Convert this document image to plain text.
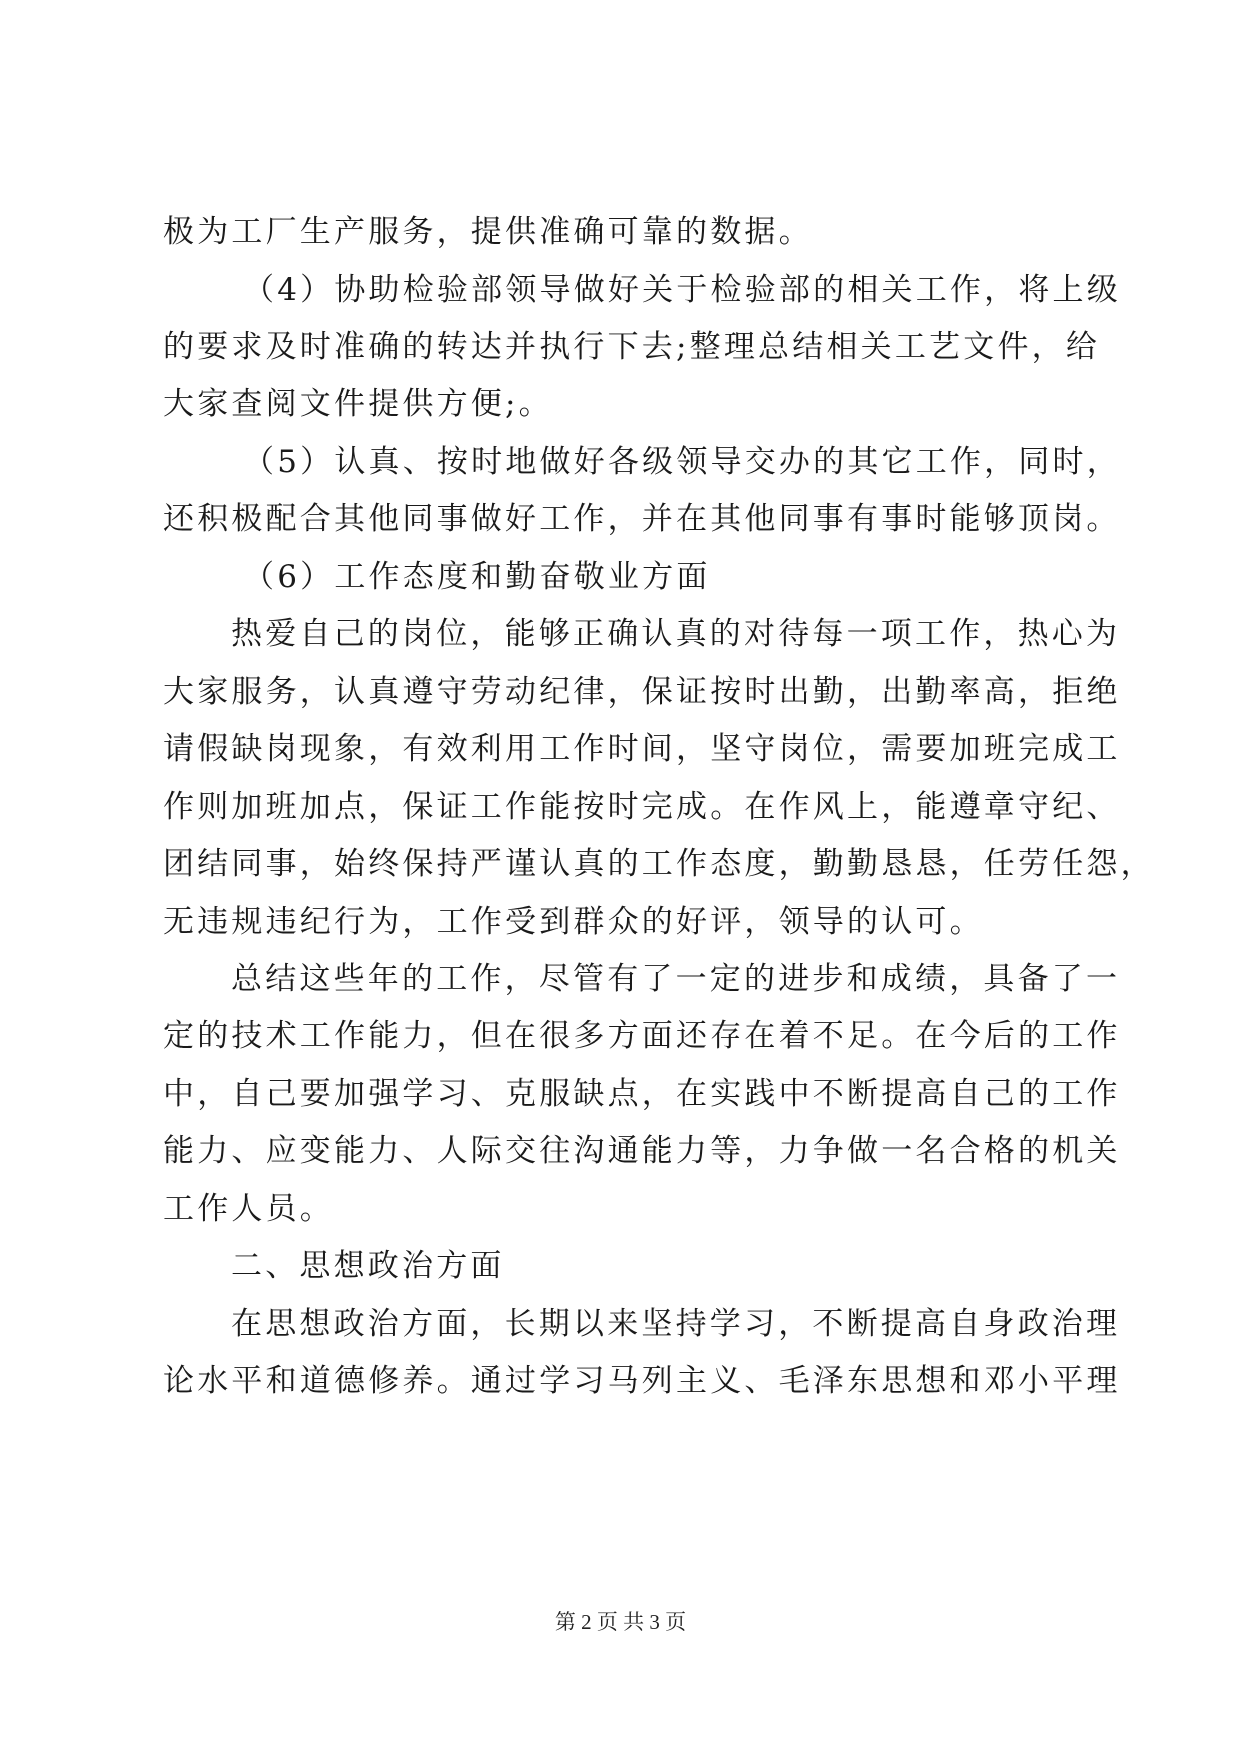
极为工厂生产服务，提供准确可靠的数据。

（4）协助检验部领导做好关于检验部的相关工作，将上级

的要求及时准确的转达并执行下去;整理总结相关工艺文件，给

大家查阅文件提供方便;。

（5）认真、按时地做好各级领导交办的其它工作，同时，

还积极配合其他同事做好工作，并在其他同事有事时能够顶岗。

（6）工作态度和勤奋敬业方面

热爱自己的岗位，能够正确认真的对待每一项工作，热心为

大家服务，认真遵守劳动纪律，保证按时出勤，出勤率高，拒绝

请假缺岗现象，有效利用工作时间，坚守岗位，需要加班完成工

作则加班加点，保证工作能按时完成。在作风上，能遵章守纪、

团结同事，始终保持严谨认真的工作态度，勤勤恳恳，任劳任怨，

无违规违纪行为，工作受到群众的好评，领导的认可。

总结这些年的工作，尽管有了一定的进步和成绩，具备了一

定的技术工作能力，但在很多方面还存在着不足。在今后的工作

中，自己要加强学习、克服缺点，在实践中不断提高自己的工作

能力、应变能力、人际交往沟通能力等，力争做一名合格的机关

工作人员。

二、思想政治方面

在思想政治方面，长期以来坚持学习，不断提高自身政治理

论水平和道德修养。通过学习马列主义、毛泽东思想和邓小平理

第 2 页 共 3 页
